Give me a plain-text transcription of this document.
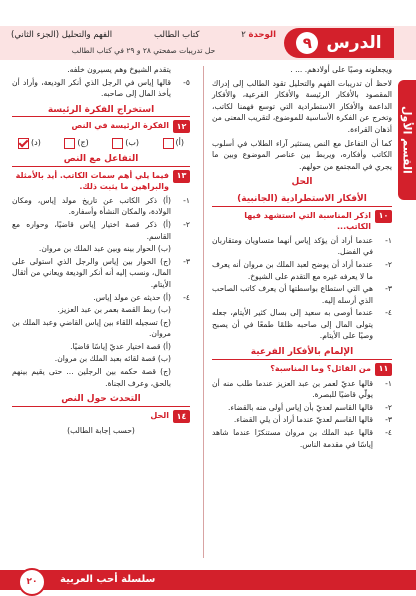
الدرس
٩
الوحدة ٢
كتاب الطالب
الفهم والتحليل (الجزء الثاني)
حل تدريبات صفحتي ٢٨ و ٢٩ في كتاب الطالب
القسم الأول

ويجعلونه وصيًا على أولادهم. ... .

لاحظ أن تدريبات الفهم والتحليل تقود الطالب إلى إدراك المقصود بالأفكار الرئيسة والأفكار الفرعية، والأفكار الداعمة والأفكار الاستطرادية التي توسع فهمنا لكاتب، وتخرج عن الفكرة الأساسية للموضوع، لتقريب المعنى من أذهان القراءة.

كما أن التفاعل مع النص يستثير آراء الطلاب في أسلوب الكاتب وأفكاره، ويربط بين عناصر الموضوع وبين ما يجري في المجتمع من حولهم.

الحل
الأفكار الاستطرادية (الجانبية)
١٠
اذكر المناسبة التي استشهد فيها الكاتب...
١-
عندما أراد أن يؤكد إياس أنهما متساويان ومتقاربان في الفضل.
٢-
عندما أراد أن يوضح لعبد الملك بن مروان أنه يعرف ما لا يعرفه غيره مع التقدم على الشيوخ.
٣-
هي التي استطاع بواسطتها أن يعرف كاتب الصاحب الذي أرسله إليه.
٤-
عندما أوصى به سعيد إلى بسال كثير الأيتام، جعله يتولى المال إلى صاحبه ظلمًا طمعًا في أن يصبح وصيًا على الأيتام.
الإلمام بالأفكار الفرعية
١١
من القائل؟ وما المناسبة؟
١-
قالها عديّ لعمر بن عبد العزيز عندما طلب منه أن يولّي قاضيًا للبصرة.
٢-
قالها القاسم لعديّ بأن إياس أولى منه بالقضاء.
٣-
قالها القاسم لعديّ عندما أراد أن يلي القضاء.
٤-
قالها عبد الملك بن مروان مستنكرًا عندما شاهد إياسًا في مقدمة الناس.
يتقدم الشيوخ وهم يسيرون خلفه.
٥-
قالها إياس في الرجل الذي أنكر الوديعة، وأراد أن يأخذ المال إلى صاحبه.
استخراج الفكرة الرئيسة
١٢
الفكرة الرئيسة في النص
(أ)
(ب)
(ج)
(د)
التفاعل مع النص
١٣
فيما يلي أهم سمات الكاتب. أيد بالأمثلة والبراهين ما يثبت ذلك.
١-
(أ) ذكر الكاتب عن تاريخ مولد إياس، ومكان الولادة، والمكان النشأة وأسفاره.
٢-
(أ) ذكر قصة اختيار إياس قاضيًا، وحواره مع القاسم.
(ب) الحوار بينه وبين عبد الملك بن مروان.
٣-
(ج) الحوار بين إياس والرجل الذي استولى على المال، ونسب إليه أنه أنكر الوديعة ويعاني من أثقال الأيتام.
٤-
(أ) حديثه عن مولد إياس.
(ب) ربط القصة بعمر بن عبد العزيز.
(ج) تسجيله اللقاء بين إياس القاضي وعبد الملك بن مروان.
(أ) قصة اختيار عديّ إياسًا قاضيًا.
(ب) قصة لقائه بعبد الملك بن مروان.
(ج) قصة حكمه بين الرجلين ... حتى يقيم بينهم بالحق، وعرف الجناة.
التحدث حول النص
١٤
الحل

(حسب إجابة الطالب)

سلسلة أحب العربية
٢٠
